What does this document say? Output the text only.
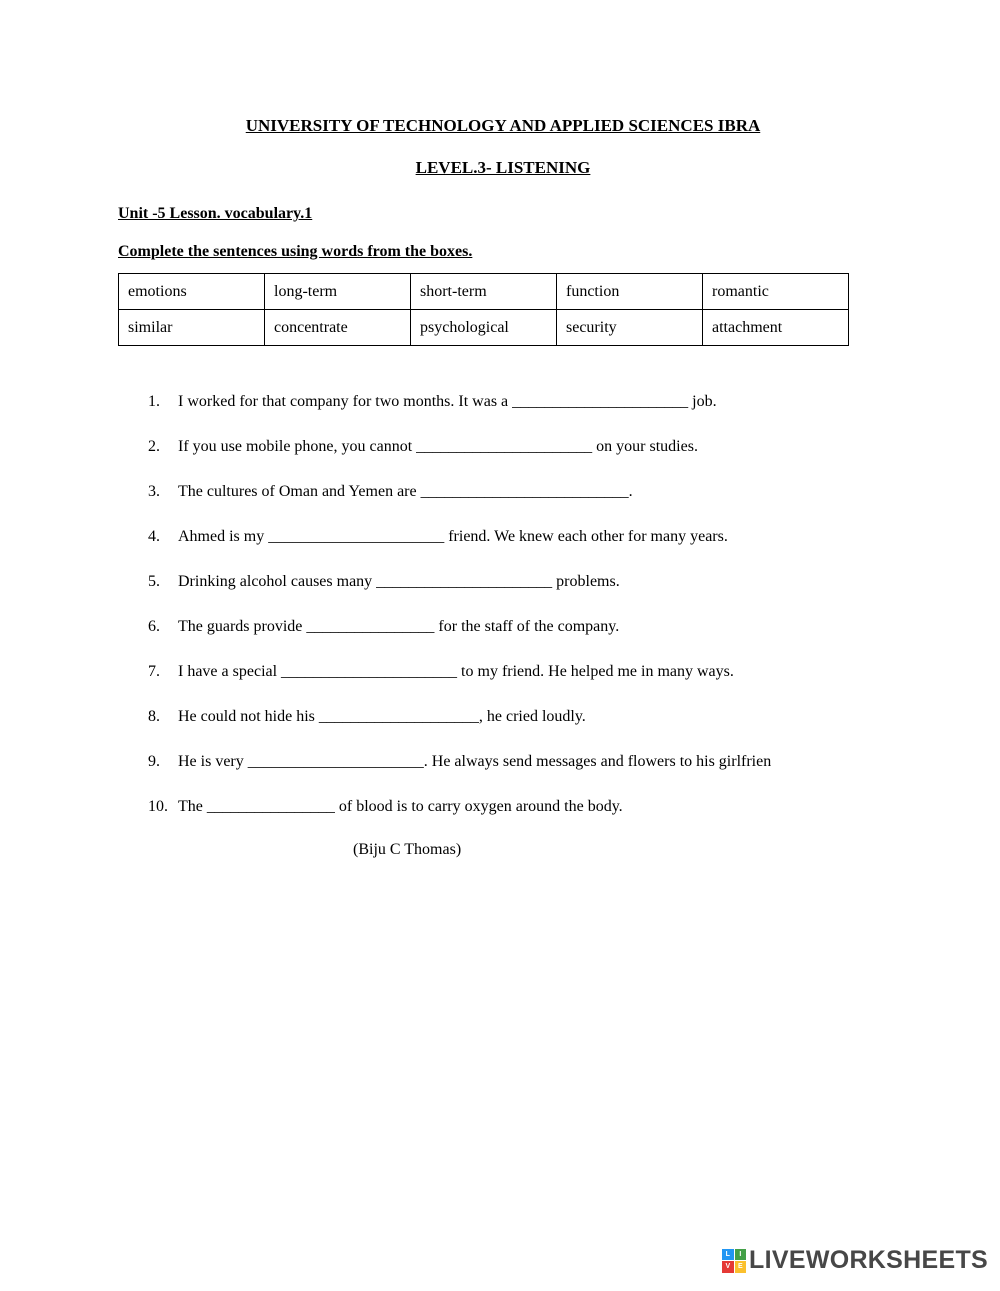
UNIVERSITY OF TECHNOLOGY AND APPLIED SCIENCES IBRA
LEVEL.3- LISTENING
Unit -5 Lesson. vocabulary.1
Complete the sentences using words from the boxes.
emotions	long-term	short-term	function	romantic
similar	concentrate	psychological	security	attachment
1.	I worked for that company for two months. It was a ______________________ job.
2.	If you use mobile phone, you cannot ______________________ on your studies.
3.	The cultures of Oman and Yemen are __________________________.
4.	Ahmed is my ______________________ friend. We knew each other for many years.
5.	Drinking alcohol causes many ______________________ problems.
6.	The guards provide ________________ for the staff of the company.
7.	I have a special ______________________ to my friend. He helped me in many ways.
8.	He could not hide his ____________________, he cried loudly.
9.	He is very ______________________. He always send messages and flowers to his girlfrien
10. The ________________ of blood is to carry oxygen around the body.
(Biju C Thomas)
L	I
V	E LIVEWORKSHEETS
